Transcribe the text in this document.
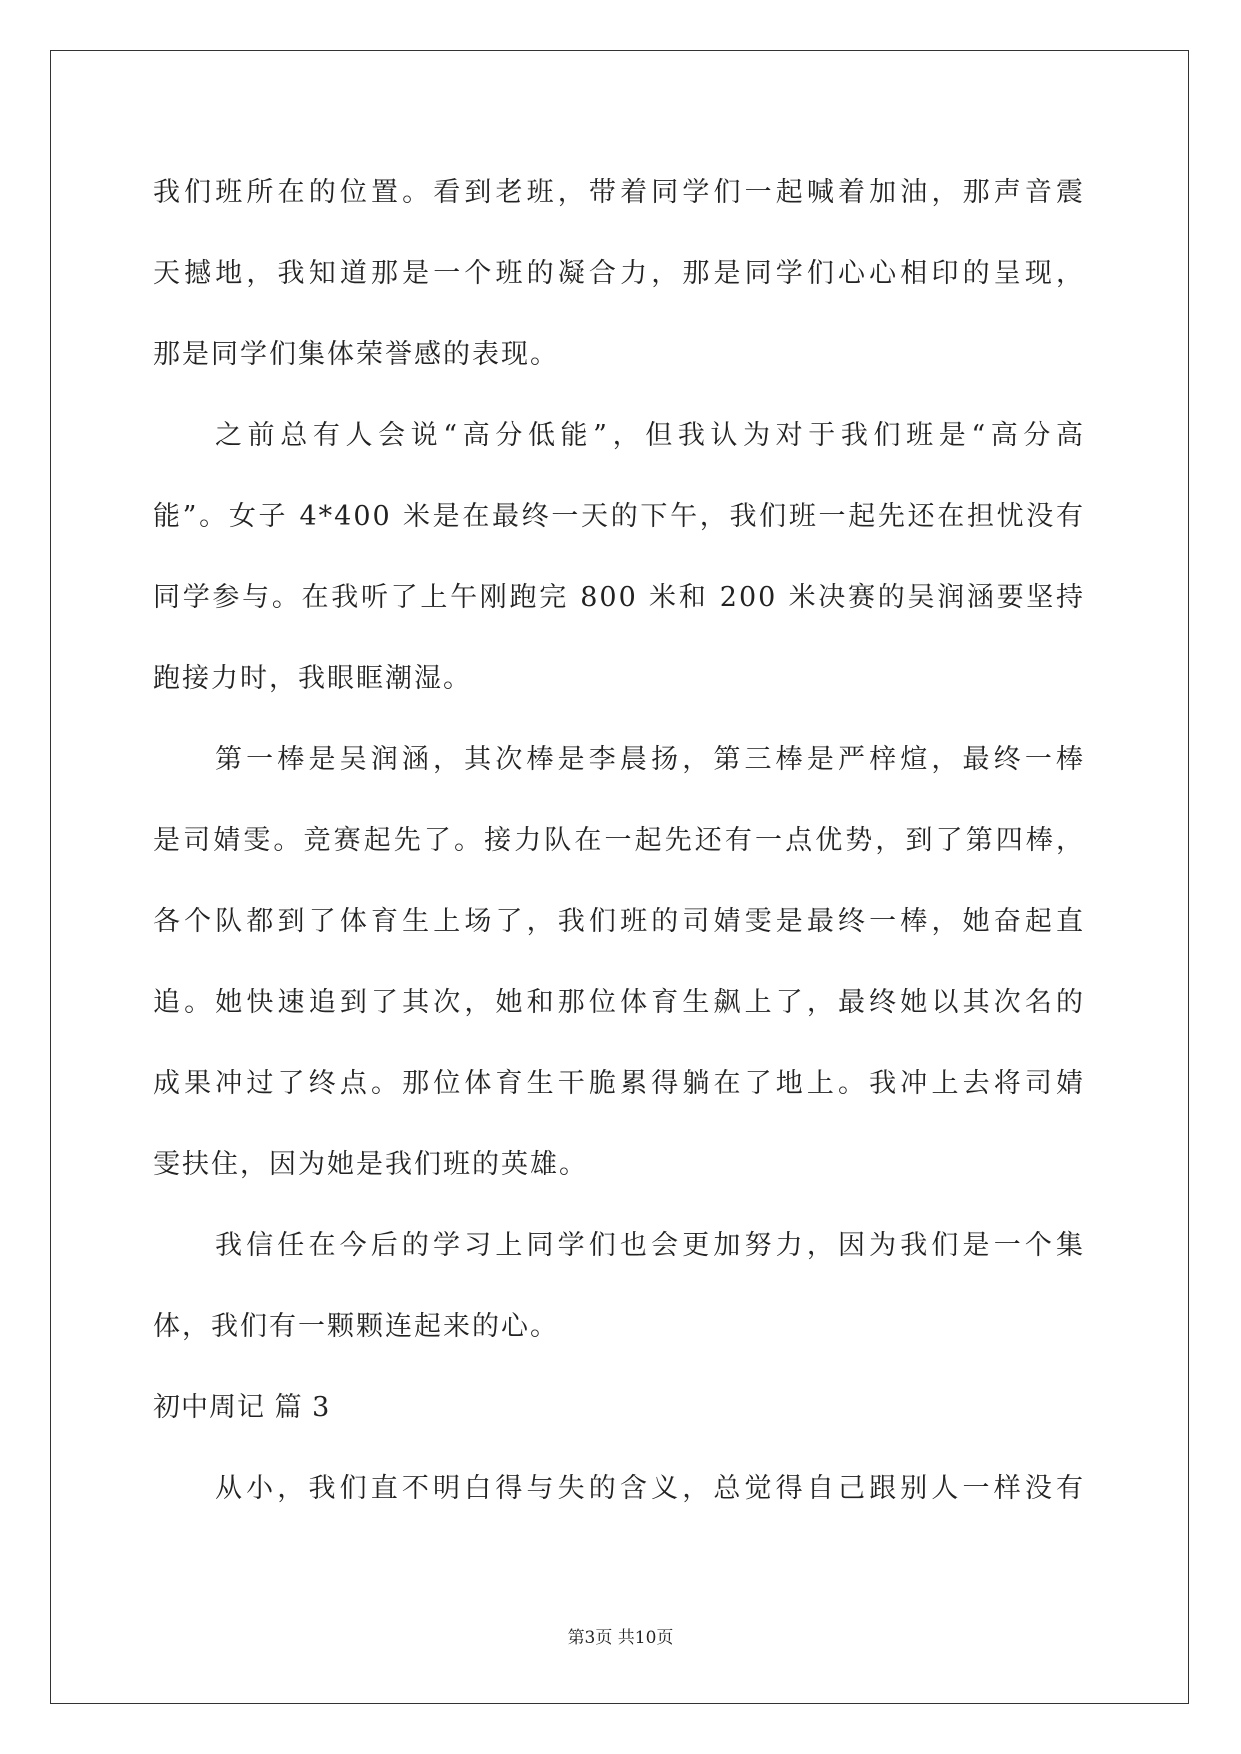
我们班所在的位置。看到老班，带着同学们一起喊着加油，那声音震
天撼地，我知道那是一个班的凝合力，那是同学们心心相印的呈现，
那是同学们集体荣誉感的表现。
之前总有人会说“高分低能”，但我认为对于我们班是“高分高
能”。女子 4*400 米是在最终一天的下午，我们班一起先还在担忧没有
同学参与。在我听了上午刚跑完 800 米和 200 米决赛的吴润涵要坚持
跑接力时，我眼眶潮湿。
第一棒是吴润涵，其次棒是李晨扬，第三棒是严梓煊，最终一棒
是司婧雯。竞赛起先了。接力队在一起先还有一点优势，到了第四棒，
各个队都到了体育生上场了，我们班的司婧雯是最终一棒，她奋起直
追。她快速追到了其次，她和那位体育生飙上了，最终她以其次名的
成果冲过了终点。那位体育生干脆累得躺在了地上。我冲上去将司婧
雯扶住，因为她是我们班的英雄。
我信任在今后的学习上同学们也会更加努力，因为我们是一个集
体，我们有一颗颗连起来的心。
初中周记 篇 3
从小，我们直不明白得与失的含义，总觉得自己跟别人一样没有
第3页 共10页
